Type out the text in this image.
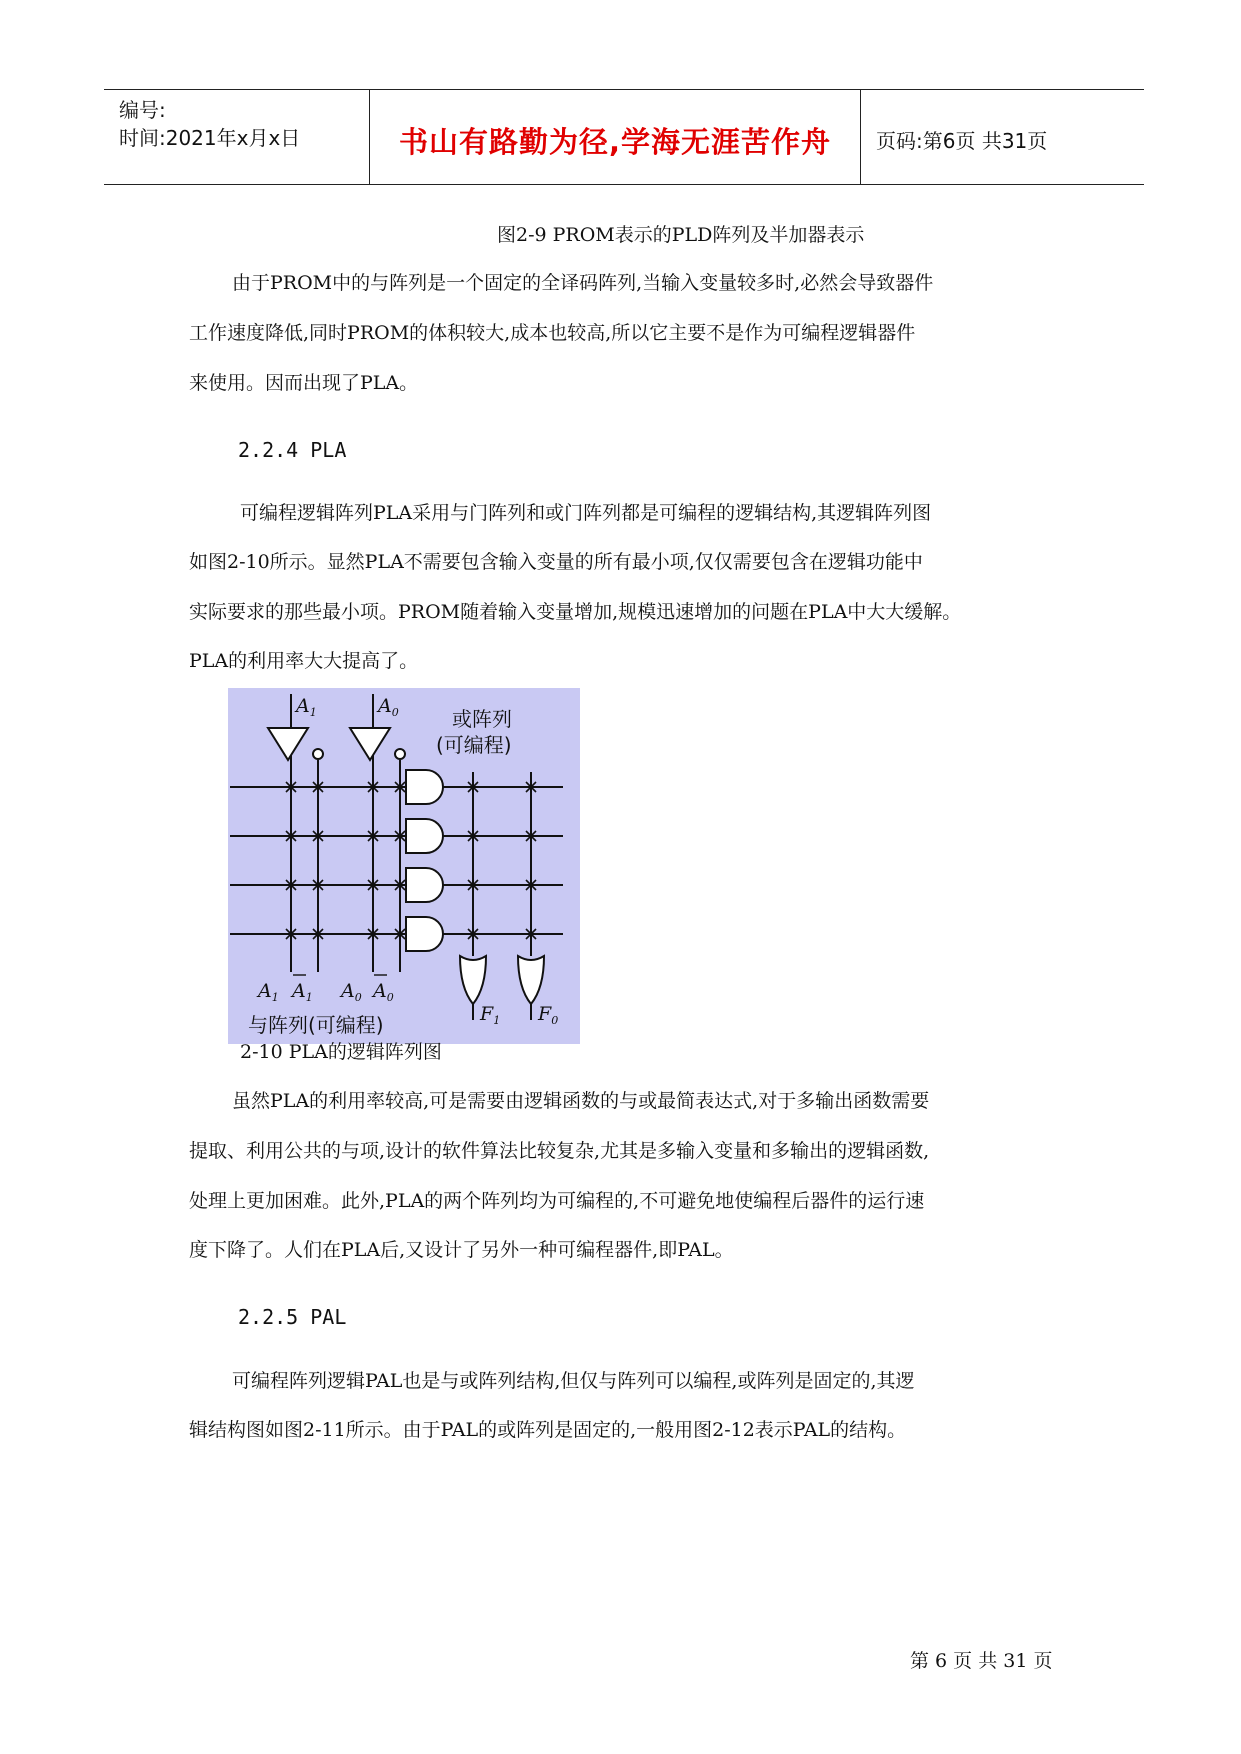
编号:
时间:2021年x月x日	书山有路勤为径,学海无涯苦作舟	页码:第6页 共31页
图2-9 PROM表示的PLD阵列及半加器表示
由于PROM中的与阵列是一个固定的全译码阵列,当输入变量较多时,必然会导致器件
工作速度降低,同时PROM的体积较大,成本也较高,所以它主要不是作为可编程逻辑器件
来使用。因而出现了PLA。
2.2.4 PLA
可编程逻辑阵列PLA采用与门阵列和或门阵列都是可编程的逻辑结构,其逻辑阵列图
如图2-10所示。显然PLA不需要包含输入变量的所有最小项,仅仅需要包含在逻辑功能中
实际要求的那些最小项。PROM随着输入变量增加,规模迅速增加的问题在PLA中大大缓解。
PLA的利用率大大提高了。
$A_1$	$A_0$
$A_1$ $A_1$ $A_0$ $A_0$
$F_1$ $F_0$
或阵列
(可编程)
与阵列(可编程)
2-10 PLA的逻辑阵列图
虽然PLA的利用率较高,可是需要由逻辑函数的与或最简表达式,对于多输出函数需要
提取、利用公共的与项,设计的软件算法比较复杂,尤其是多输入变量和多输出的逻辑函数,
处理上更加困难。此外,PLA的两个阵列均为可编程的,不可避免地使编程后器件的运行速
度下降了。人们在PLA后,又设计了另外一种可编程器件,即PAL。
2.2.5 PAL
可编程阵列逻辑PAL也是与或阵列结构,但仅与阵列可以编程,或阵列是固定的,其逻
辑结构图如图2-11所示。由于PAL的或阵列是固定的,一般用图2-12表示PAL的结构。
第 6 页 共 31 页
